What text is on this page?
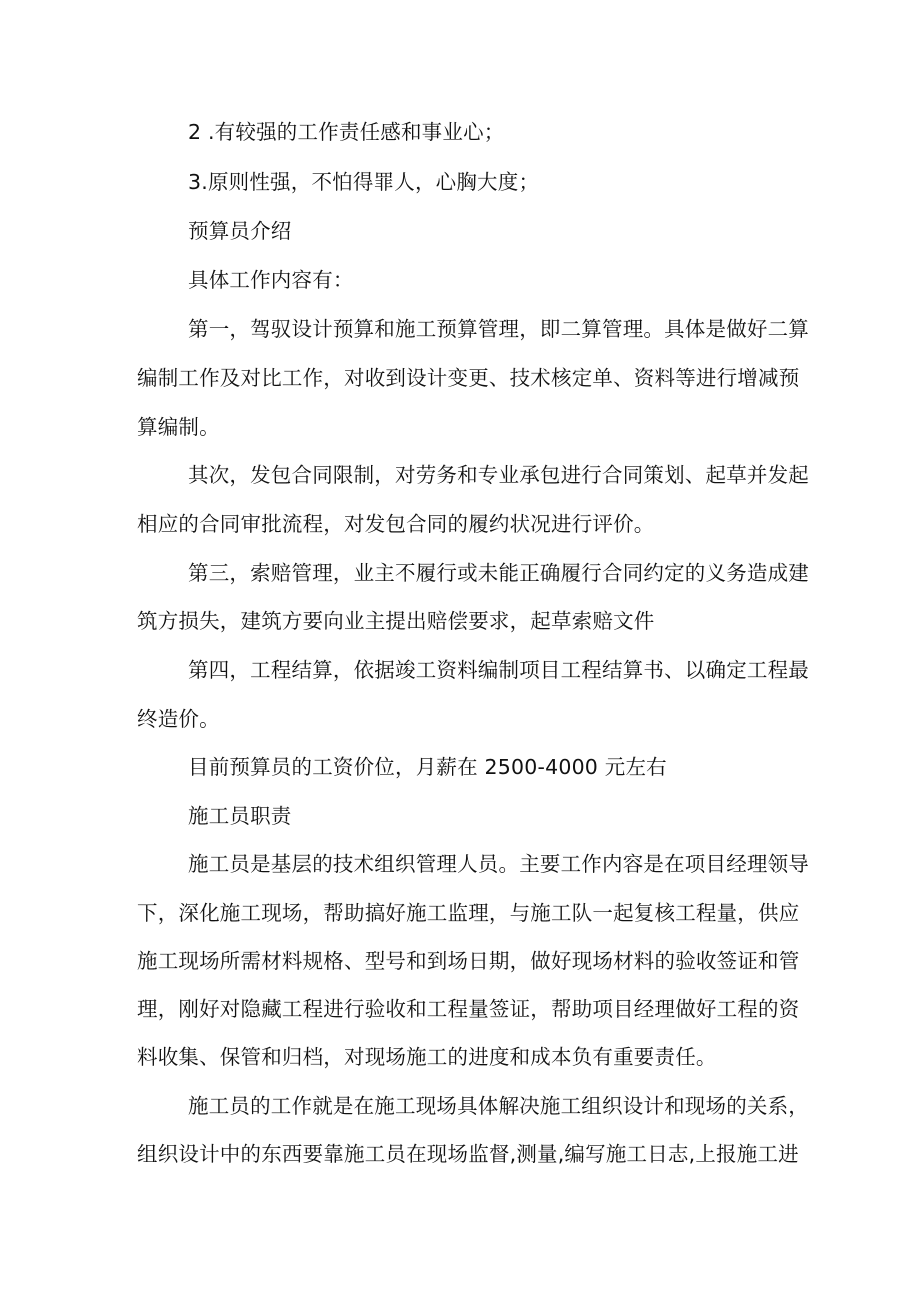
2 .有较强的工作责任感和事业心；
3.原则性强，不怕得罪人，心胸大度；
预算员介绍
具体工作内容有：
第一，驾驭设计预算和施工预算管理，即二算管理。具体是做好二算
编制工作及对比工作，对收到设计变更、技术核定单、资料等进行增减预
算编制。
其次，发包合同限制，对劳务和专业承包进行合同策划、起草并发起
相应的合同审批流程，对发包合同的履约状况进行评价。
第三，索赔管理，业主不履行或未能正确履行合同约定的义务造成建
筑方损失，建筑方要向业主提出赔偿要求，起草索赔文件
第四，工程结算，依据竣工资料编制项目工程结算书、以确定工程最
终造价。
目前预算员的工资价位，月薪在 2500-4000 元左右
施工员职责
施工员是基层的技术组织管理人员。主要工作内容是在项目经理领导
下，深化施工现场，帮助搞好施工监理，与施工队一起复核工程量，供应
施工现场所需材料规格、型号和到场日期，做好现场材料的验收签证和管
理，刚好对隐藏工程进行验收和工程量签证，帮助项目经理做好工程的资
料收集、保管和归档，对现场施工的进度和成本负有重要责任。
施工员的工作就是在施工现场具体解决施工组织设计和现场的关系，
组织设计中的东西要靠施工员在现场监督,测量,编写施工日志,上报施工进
